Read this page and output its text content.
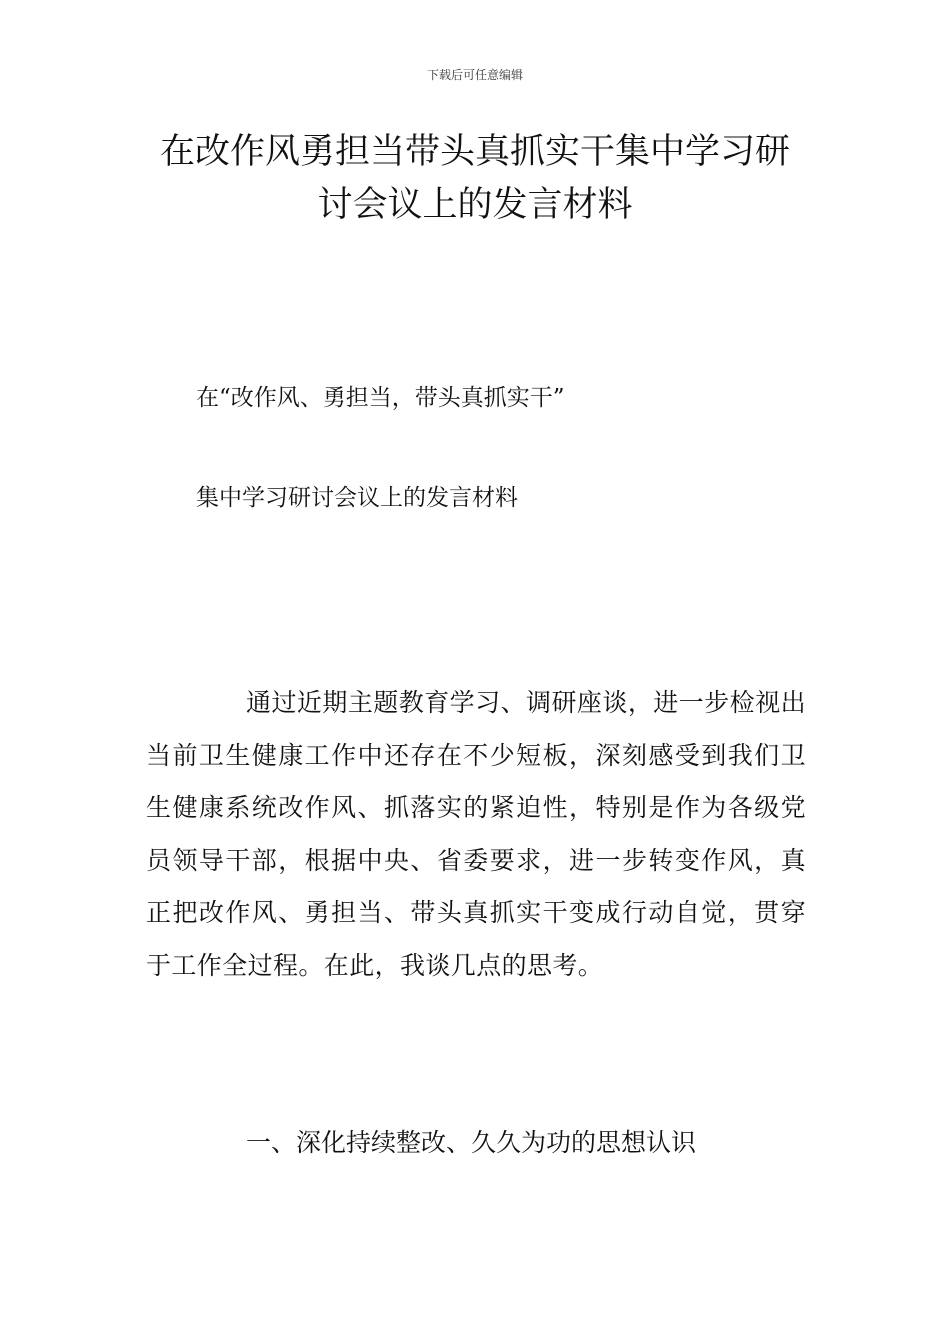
下载后可任意编辑
在改作风勇担当带头真抓实干集中学习研讨会议上的发言材料

在“改作风、勇担当，带头真抓实干”

集中学习研讨会议上的发言材料

通过近期主题教育学习、调研座谈，进一步检视出当前卫生健康工作中还存在不少短板，深刻感受到我们卫生健康系统改作风、抓落实的紧迫性，特别是作为各级党员领导干部，根据中央、省委要求，进一步转变作风，真正把改作风、勇担当、带头真抓实干变成行动自觉，贯穿于工作全过程。在此，我谈几点的思考。

一、深化持续整改、久久为功的思想认识
